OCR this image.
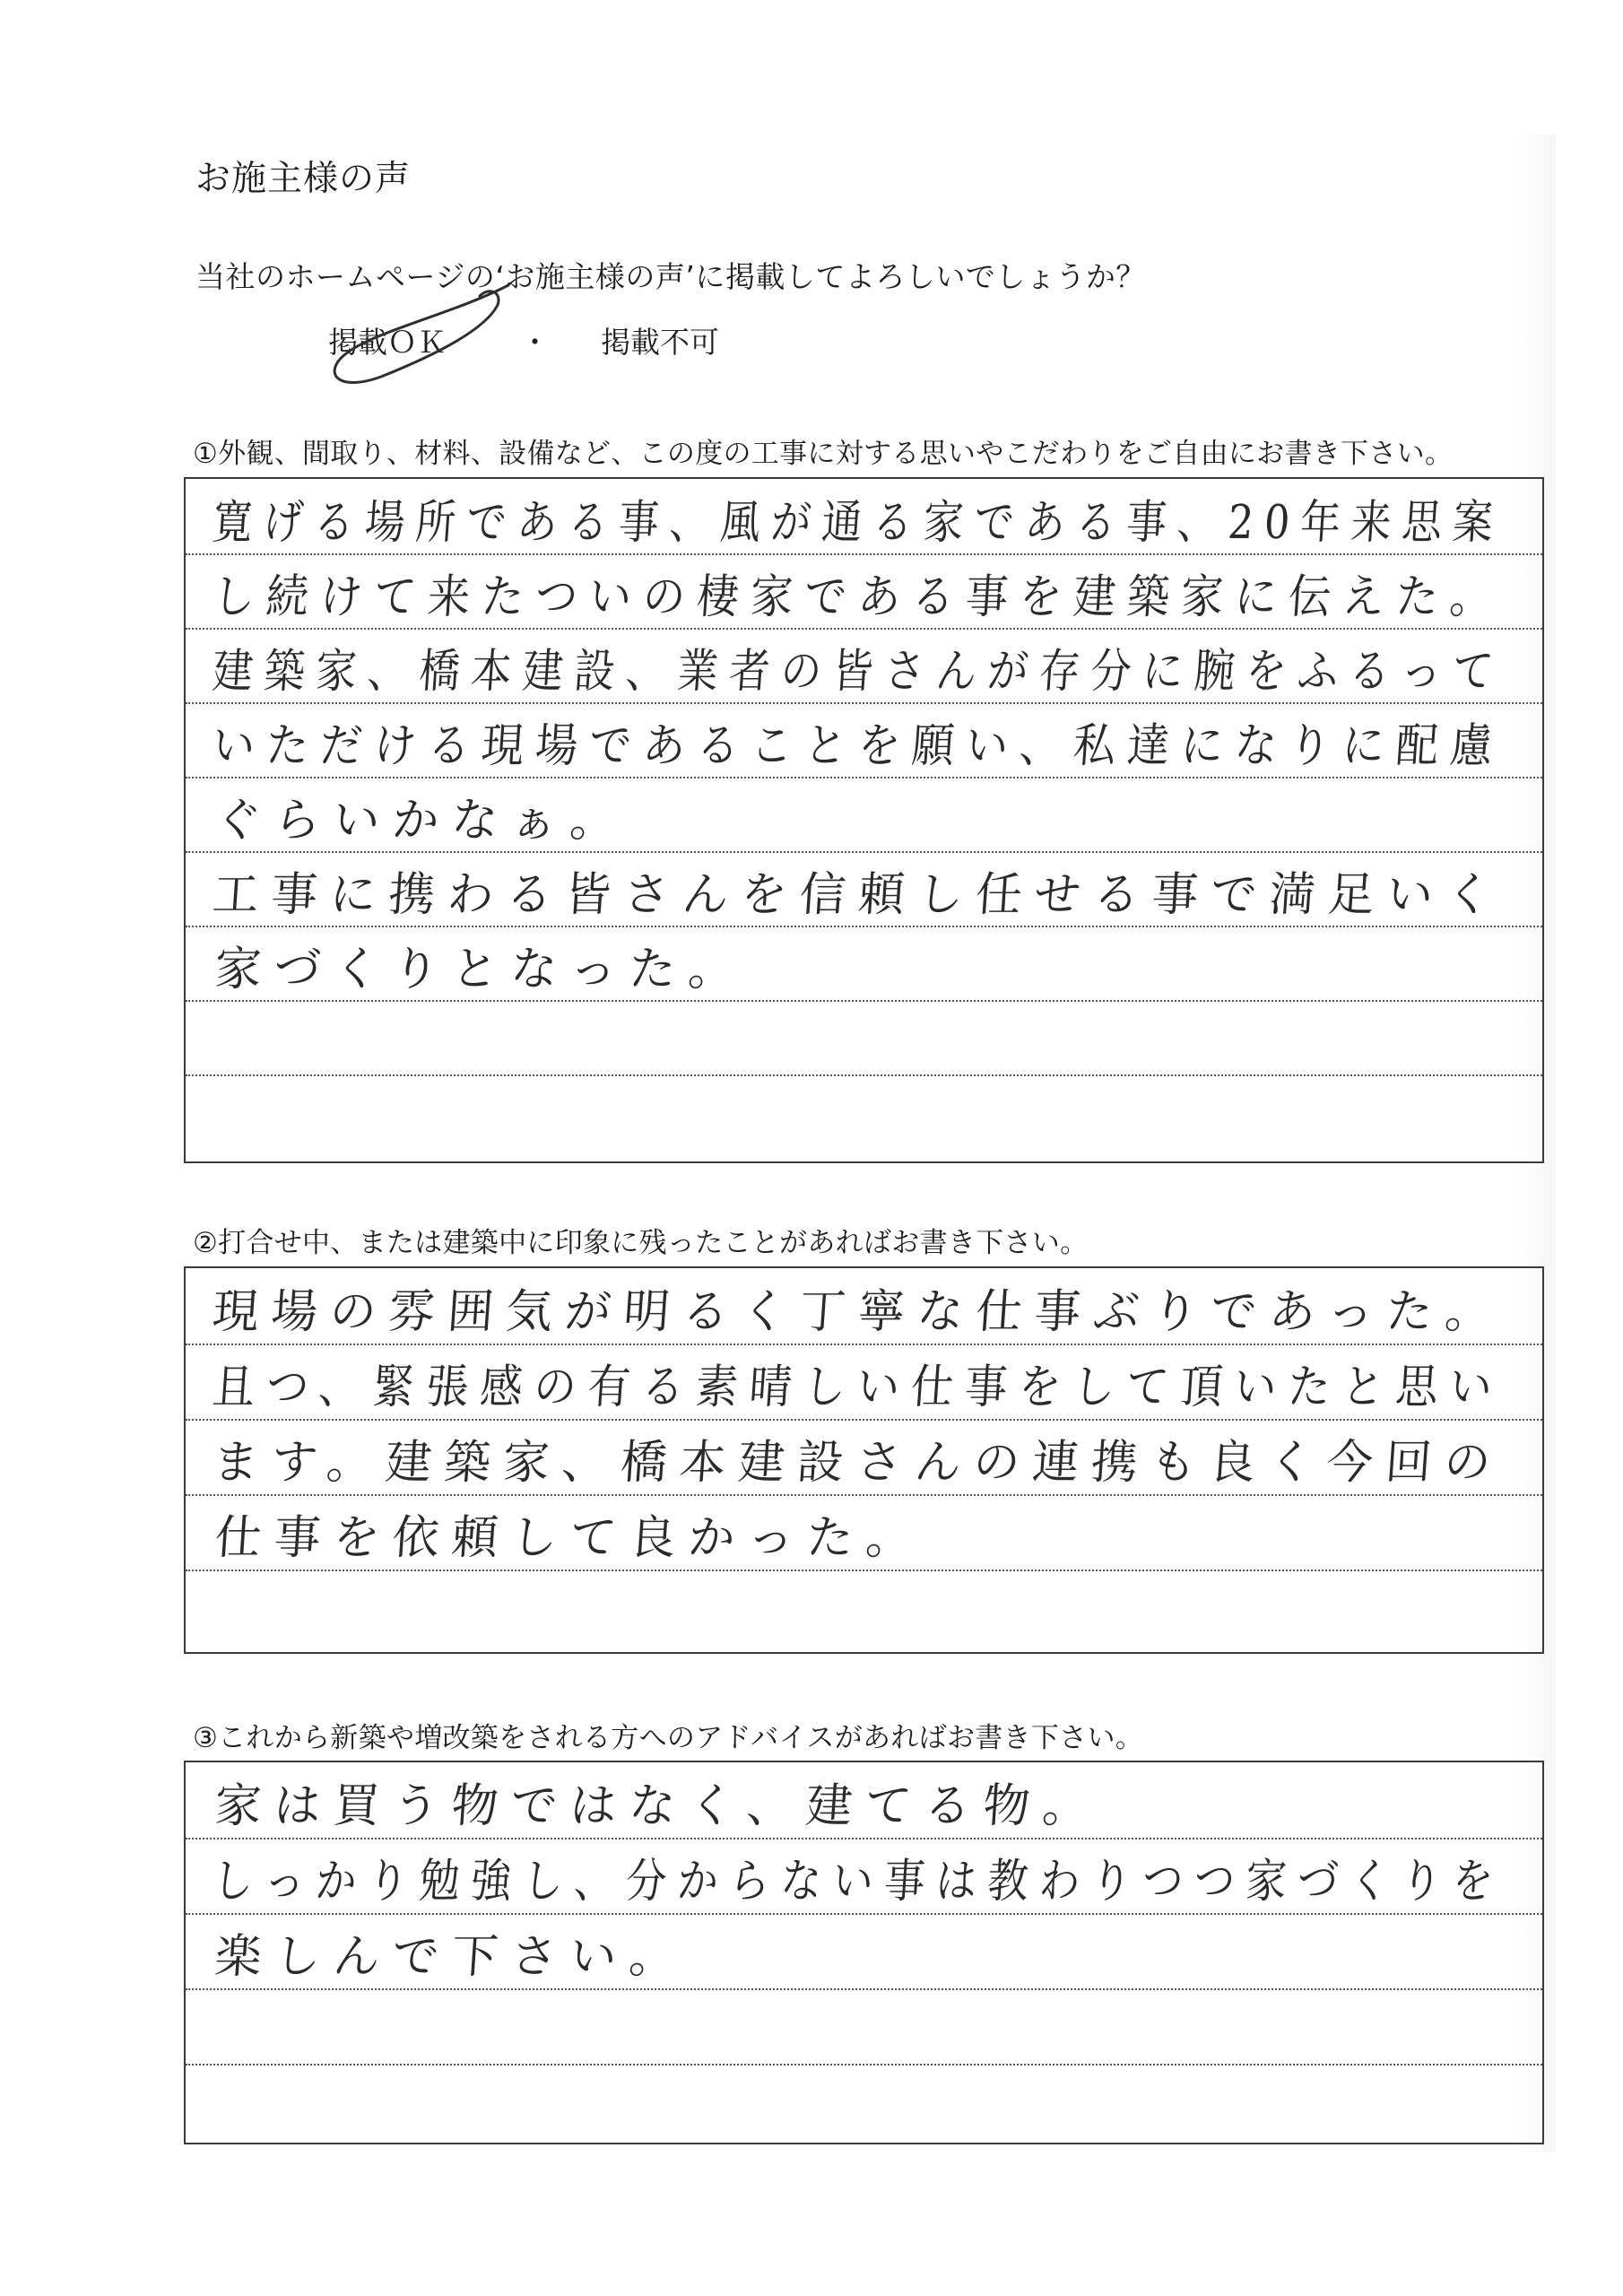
お施主様の声
当社のホームページの‘お施主様の声’に掲載してよろしいでしょうか？
掲載ＯＫ ・ 掲載不可
①外観、間取り、材料、設備など、この度の工事に対する思いやこだわりをご自由にお書き下さい。
寛げる場所である事、風が通る家である事、20年来思案
し続けて来たついの棲家である事を建築家に伝えた。
建築家、橋本建設、業者の皆さんが存分に腕をふるって
いただける現場であることを願い、私達になりに配慮
ぐらいかなぁ。
工事に携わる皆さんを信頼し任せる事で満足いく
家づくりとなった。
②打合せ中、または建築中に印象に残ったことがあればお書き下さい。
現場の雰囲気が明るく丁寧な仕事ぶりであった。
且つ、緊張感の有る素晴しい仕事をして頂いたと思い
ます。建築家、橋本建設さんの連携も良く今回の
仕事を依頼して良かった。
③これから新築や増改築をされる方へのアドバイスがあればお書き下さい。
家は買う物ではなく、建てる物。
しっかり勉強し、分からない事は教わりつつ家づくりを
楽しんで下さい。
